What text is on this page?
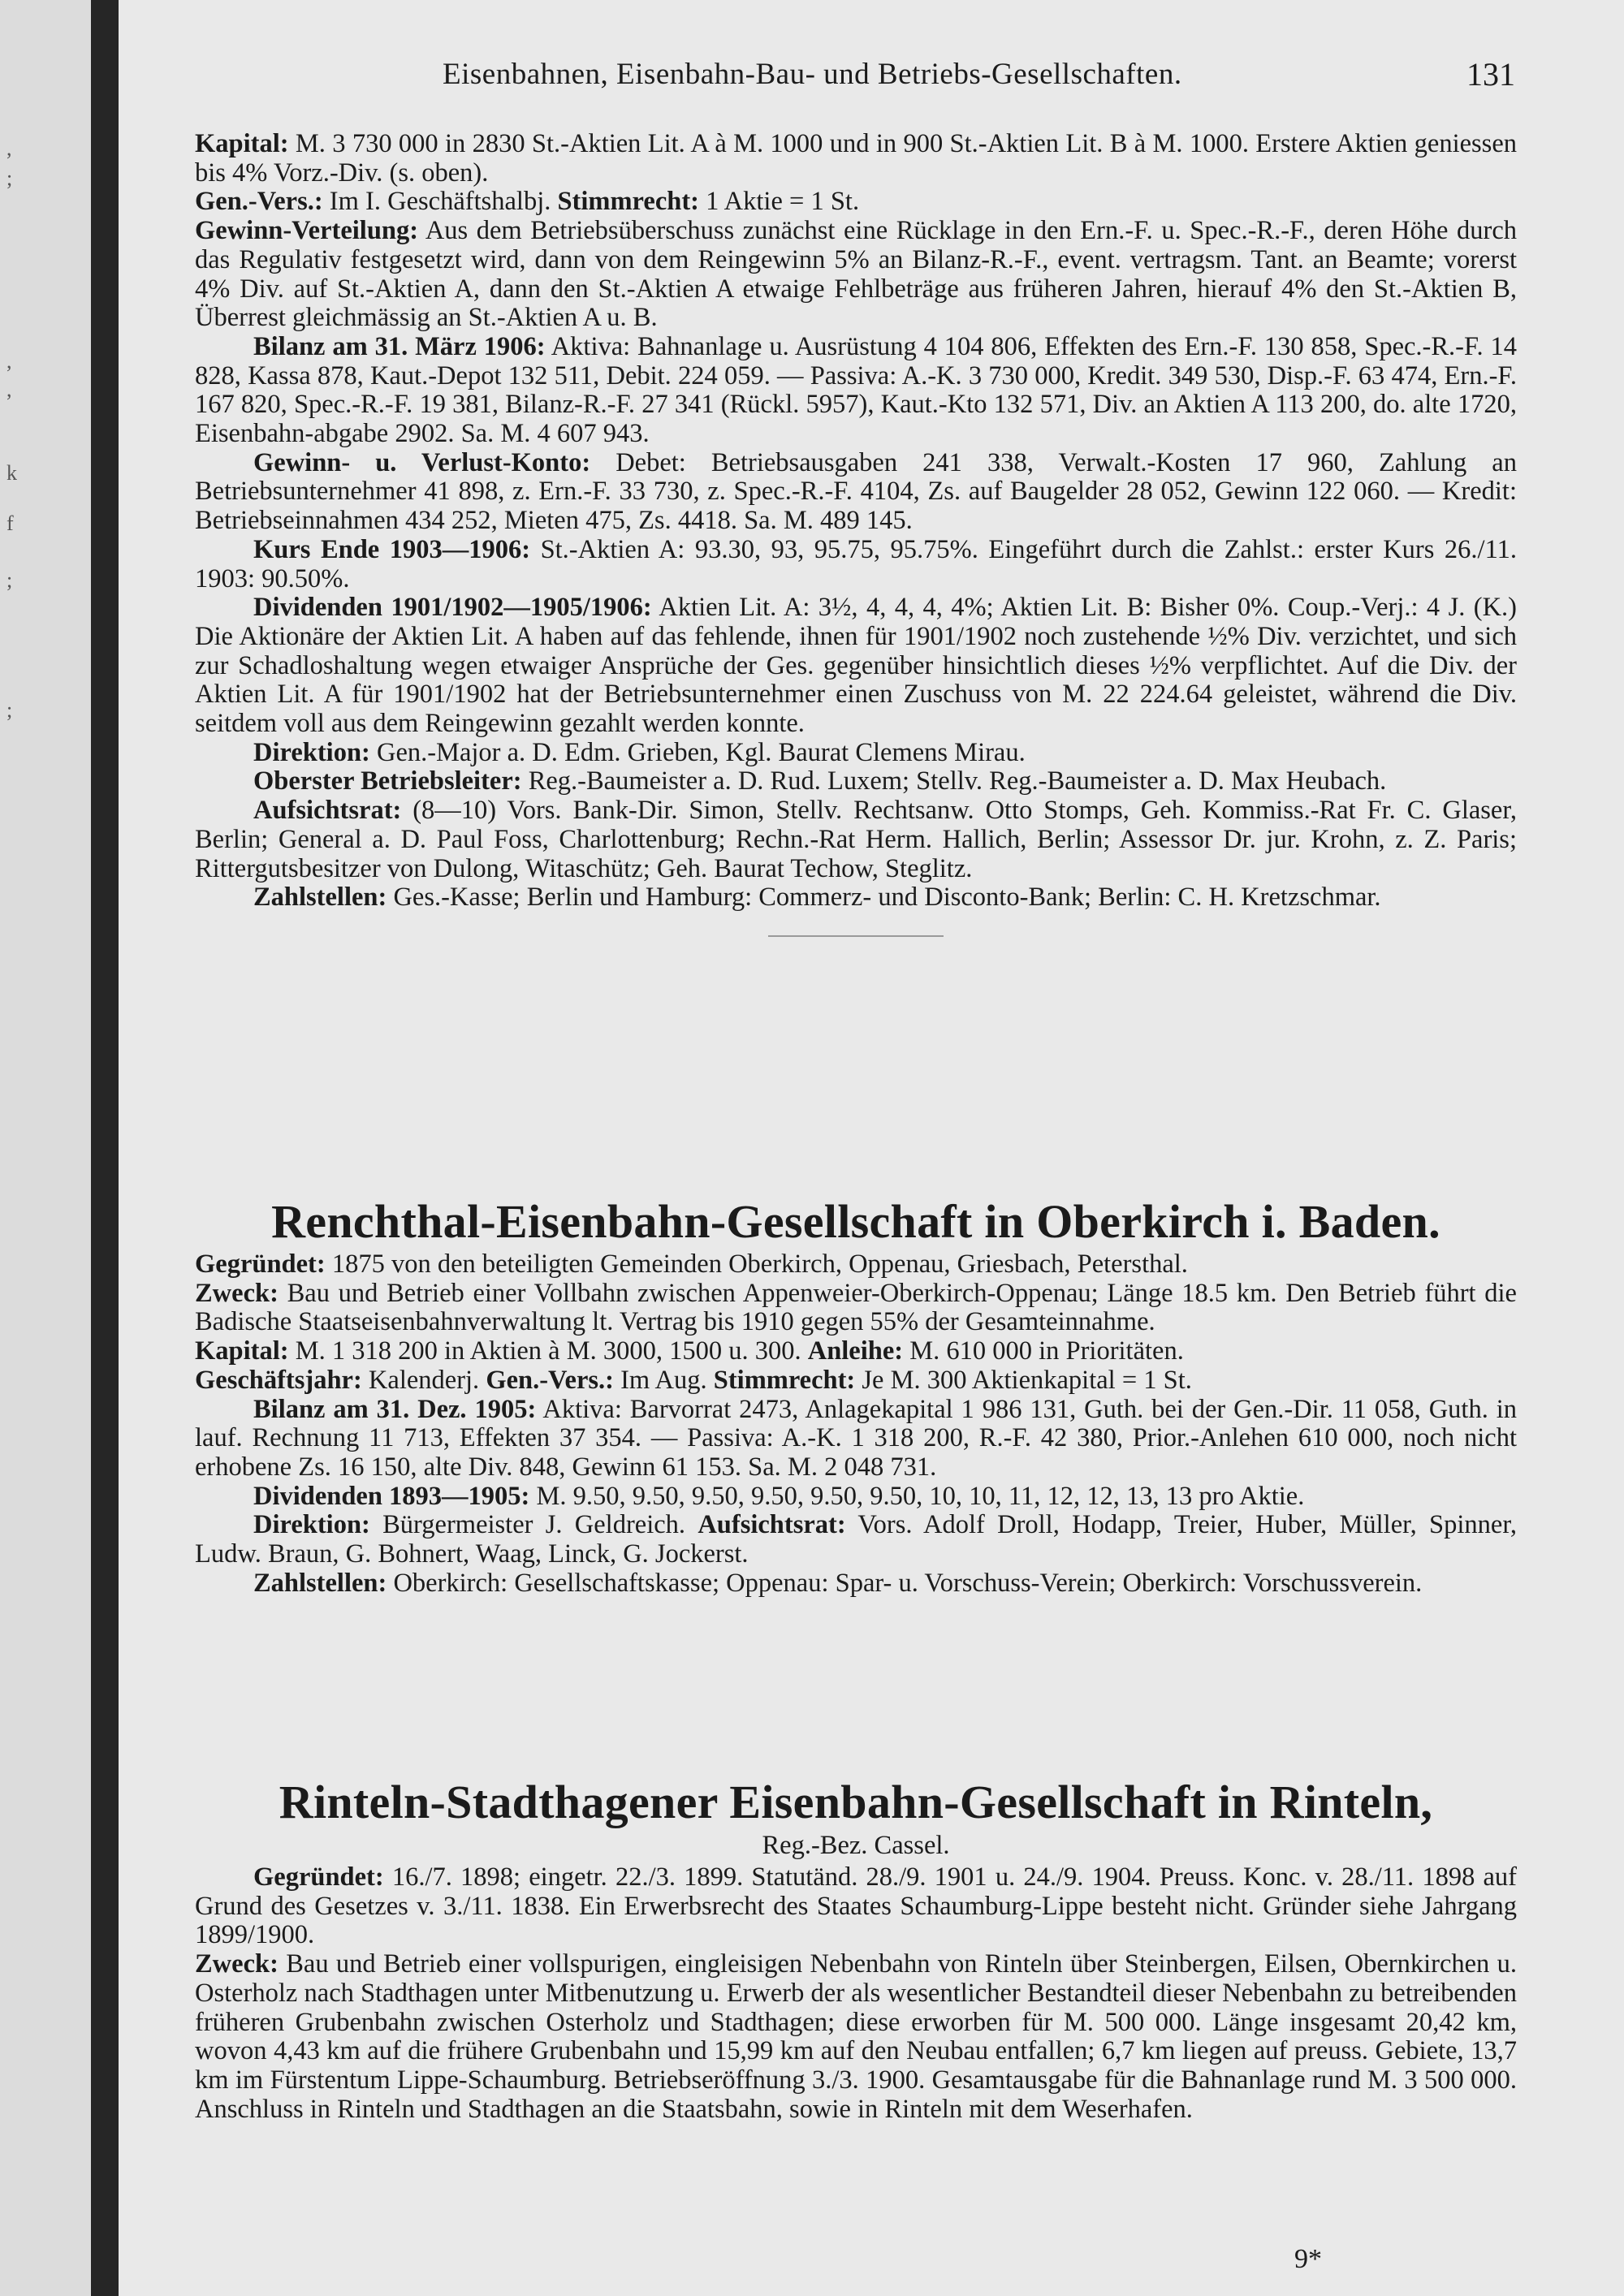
,
;
,
,
k
f
;
;
Eisenbahnen, Eisenbahn-Bau- und Betriebs-Gesellschaften.	131

Kapital: M. 3 730 000 in 2830 St.-Aktien Lit. A à M. 1000 und in 900 St.-Aktien Lit. B à M. 1000. Erstere Aktien geniessen bis 4% Vorz.-Div. (s. oben).

Gen.-Vers.: Im I. Geschäftshalbj. Stimmrecht: 1 Aktie = 1 St.

Gewinn-Verteilung: Aus dem Betriebsüberschuss zunächst eine Rücklage in den Ern.-F. u. Spec.-R.-F., deren Höhe durch das Regulativ festgesetzt wird, dann von dem Reingewinn 5% an Bilanz-R.-F., event. vertragsm. Tant. an Beamte; vorerst 4% Div. auf St.-Aktien A, dann den St.-Aktien A etwaige Fehlbeträge aus früheren Jahren, hierauf 4% den St.-Aktien B, Überrest gleichmässig an St.-Aktien A u. B.

Bilanz am 31. März 1906: Aktiva: Bahnanlage u. Ausrüstung 4 104 806, Effekten des Ern.-F. 130 858, Spec.-R.-F. 14 828, Kassa 878, Kaut.-Depot 132 511, Debit. 224 059. — Passiva: A.-K. 3 730 000, Kredit. 349 530, Disp.-F. 63 474, Ern.-F. 167 820, Spec.-R.-F. 19 381, Bilanz-R.-F. 27 341 (Rückl. 5957), Kaut.-Kto 132 571, Div. an Aktien A 113 200, do. alte 1720, Eisenbahn-abgabe 2902. Sa. M. 4 607 943.

Gewinn- u. Verlust-Konto: Debet: Betriebsausgaben 241 338, Verwalt.-Kosten 17 960, Zahlung an Betriebsunternehmer 41 898, z. Ern.-F. 33 730, z. Spec.-R.-F. 4104, Zs. auf Baugelder 28 052, Gewinn 122 060. — Kredit: Betriebseinnahmen 434 252, Mieten 475, Zs. 4418. Sa. M. 489 145.

Kurs Ende 1903—1906: St.-Aktien A: 93.30, 93, 95.75, 95.75%. Eingeführt durch die Zahlst.: erster Kurs 26./11. 1903: 90.50%.

Dividenden 1901/1902—1905/1906: Aktien Lit. A: 3½, 4, 4, 4, 4%; Aktien Lit. B: Bisher 0%. Coup.-Verj.: 4 J. (K.) Die Aktionäre der Aktien Lit. A haben auf das fehlende, ihnen für 1901/1902 noch zustehende ½% Div. verzichtet, und sich zur Schadloshaltung wegen etwaiger Ansprüche der Ges. gegenüber hinsichtlich dieses ½% verpflichtet. Auf die Div. der Aktien Lit. A für 1901/1902 hat der Betriebsunternehmer einen Zuschuss von M. 22 224.64 geleistet, während die Div. seitdem voll aus dem Reingewinn gezahlt werden konnte.

Direktion: Gen.-Major a. D. Edm. Grieben, Kgl. Baurat Clemens Mirau.

Oberster Betriebsleiter: Reg.-Baumeister a. D. Rud. Luxem; Stellv. Reg.-Baumeister a. D. Max Heubach.

Aufsichtsrat: (8—10) Vors. Bank-Dir. Simon, Stellv. Rechtsanw. Otto Stomps, Geh. Kommiss.-Rat Fr. C. Glaser, Berlin; General a. D. Paul Foss, Charlottenburg; Rechn.-Rat Herm. Hallich, Berlin; Assessor Dr. jur. Krohn, z. Z. Paris; Rittergutsbesitzer von Dulong, Witaschütz; Geh. Baurat Techow, Steglitz.

Zahlstellen: Ges.-Kasse; Berlin und Hamburg: Commerz- und Disconto-Bank; Berlin: C. H. Kretzschmar.

Renchthal-Eisenbahn-Gesellschaft in Oberkirch i. Baden.

Gegründet: 1875 von den beteiligten Gemeinden Oberkirch, Oppenau, Griesbach, Petersthal.

Zweck: Bau und Betrieb einer Vollbahn zwischen Appenweier-Oberkirch-Oppenau; Länge 18.5 km. Den Betrieb führt die Badische Staatseisenbahnverwaltung lt. Vertrag bis 1910 gegen 55% der Gesamteinnahme.

Kapital: M. 1 318 200 in Aktien à M. 3000, 1500 u. 300. Anleihe: M. 610 000 in Prioritäten.

Geschäftsjahr: Kalenderj. Gen.-Vers.: Im Aug. Stimmrecht: Je M. 300 Aktienkapital = 1 St.

Bilanz am 31. Dez. 1905: Aktiva: Barvorrat 2473, Anlagekapital 1 986 131, Guth. bei der Gen.-Dir. 11 058, Guth. in lauf. Rechnung 11 713, Effekten 37 354. — Passiva: A.-K. 1 318 200, R.-F. 42 380, Prior.-Anlehen 610 000, noch nicht erhobene Zs. 16 150, alte Div. 848, Gewinn 61 153. Sa. M. 2 048 731.

Dividenden 1893—1905: M. 9.50, 9.50, 9.50, 9.50, 9.50, 9.50, 10, 10, 11, 12, 12, 13, 13 pro Aktie.

Direktion: Bürgermeister J. Geldreich. Aufsichtsrat: Vors. Adolf Droll, Hodapp, Treier, Huber, Müller, Spinner, Ludw. Braun, G. Bohnert, Waag, Linck, G. Jockerst.

Zahlstellen: Oberkirch: Gesellschaftskasse; Oppenau: Spar- u. Vorschuss-Verein; Oberkirch: Vorschussverein.

Rinteln-Stadthagener Eisenbahn-Gesellschaft in Rinteln,

Reg.-Bez. Cassel.

Gegründet: 16./7. 1898; eingetr. 22./3. 1899. Statutänd. 28./9. 1901 u. 24./9. 1904. Preuss. Konc. v. 28./11. 1898 auf Grund des Gesetzes v. 3./11. 1838. Ein Erwerbsrecht des Staates Schaumburg-Lippe besteht nicht. Gründer siehe Jahrgang 1899/1900.

Zweck: Bau und Betrieb einer vollspurigen, eingleisigen Nebenbahn von Rinteln über Steinbergen, Eilsen, Obernkirchen u. Osterholz nach Stadthagen unter Mitbenutzung u. Erwerb der als wesentlicher Bestandteil dieser Nebenbahn zu betreibenden früheren Grubenbahn zwischen Osterholz und Stadthagen; diese erworben für M. 500 000. Länge insgesamt 20,42 km, wovon 4,43 km auf die frühere Grubenbahn und 15,99 km auf den Neubau entfallen; 6,7 km liegen auf preuss. Gebiete, 13,7 km im Fürstentum Lippe-Schaumburg. Betriebseröffnung 3./3. 1900. Gesamtausgabe für die Bahnanlage rund M. 3 500 000. Anschluss in Rinteln und Stadthagen an die Staatsbahn, sowie in Rinteln mit dem Weserhafen.

9*
